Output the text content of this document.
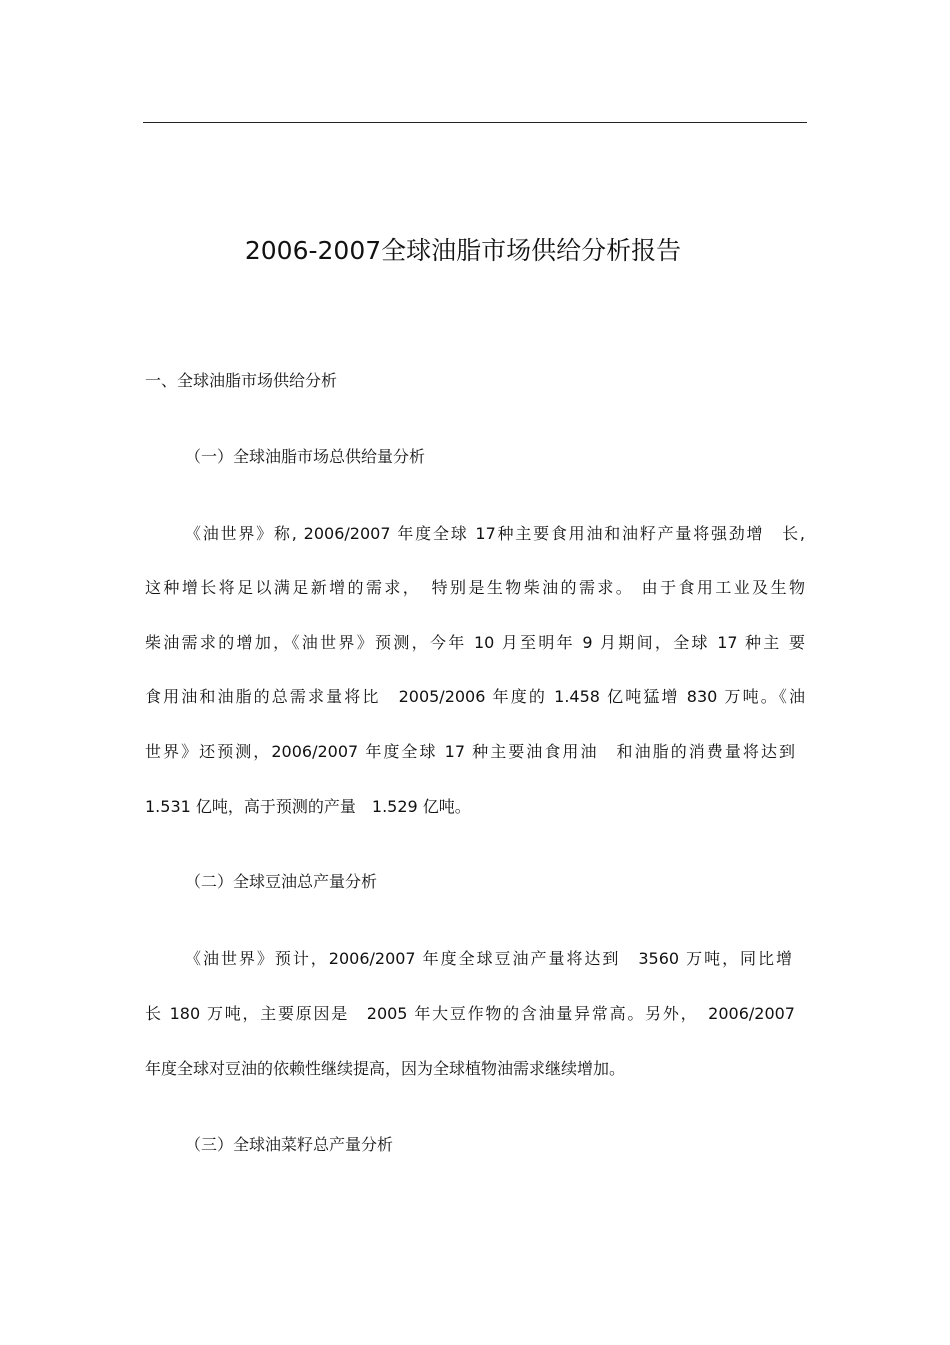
2006-2007全球油脂市场供给分析报告
一、全球油脂市场供给分析
（一）全球油脂市场总供给量分析
《油世界》称, 2006/2007 年度全球 17种主要食用油和油籽产量将强劲增　长,
这种增长将足以满足新增的需求，　特别是生物柴油的需求。 由于食用工业及生物
柴油需求的增加，《油世界》预测，今年 10 月至明年 9 月期间，全球 17 种主 要
食用油和油脂的总需求量将比　2005/2006 年度的 1.458 亿吨猛增 830 万吨。《油
世界》还预测，2006/2007 年度全球 17 种主要油食用油　和油脂的消费量将达到
1.531 亿吨，高于预测的产量　1.529 亿吨。
（二）全球豆油总产量分析
《油世界》预计，2006/2007 年度全球豆油产量将达到　3560 万吨，同比增
长 180 万吨，主要原因是　2005 年大豆作物的含油量异常高。另外，　2006/2007
年度全球对豆油的依赖性继续提高，因为全球植物油需求继续增加。
（三）全球油菜籽总产量分析
